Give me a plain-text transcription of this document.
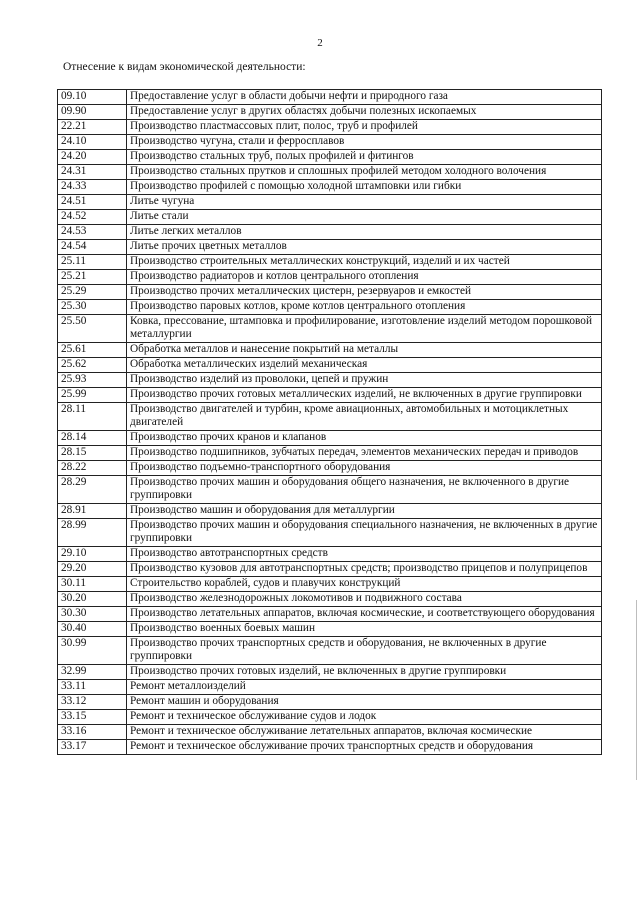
2
Отнесение к видам экономической деятельности:
09.10	Предоставление услуг в области добычи нефти и природного газа
09.90	Предоставление услуг в других областях добычи полезных ископаемых
22.21	Производство пластмассовых плит, полос, труб и профилей
24.10	Производство чугуна, стали и ферросплавов
24.20	Производство стальных труб, полых профилей и фитингов
24.31	Производство стальных прутков и сплошных профилей методом холодного волочения
24.33	Производство профилей с помощью холодной штамповки или гибки
24.51	Литье чугуна
24.52	Литье стали
24.53	Литье легких металлов
24.54	Литье прочих цветных металлов
25.11	Производство строительных металлических конструкций, изделий и их частей
25.21	Производство радиаторов и котлов центрального отопления
25.29	Производство прочих металлических цистерн, резервуаров и емкостей
25.30	Производство паровых котлов, кроме котлов центрального отопления
25.50	Ковка, прессование, штамповка и профилирование, изготовление изделий методом порошковой металлургии
25.61	Обработка металлов и нанесение покрытий на металлы
25.62	Обработка металлических изделий механическая
25.93	Производство изделий из проволоки, цепей и пружин
25.99	Производство прочих готовых металлических изделий, не включенных в другие группировки
28.11	Производство двигателей и турбин, кроме авиационных, автомобильных и мотоциклетных двигателей
28.14	Производство прочих кранов и клапанов
28.15	Производство подшипников, зубчатых передач, элементов механических передач и приводов
28.22	Производство подъемно-транспортного оборудования
28.29	Производство прочих машин и оборудования общего назначения, не включенного в другие группировки
28.91	Производство машин и оборудования для металлургии
28.99	Производство прочих машин и оборудования специального назначения, не включенных в другие группировки
29.10	Производство автотранспортных средств
29.20	Производство кузовов для автотранспортных средств; производство прицепов и полуприцепов
30.11	Строительство кораблей, судов и плавучих конструкций
30.20	Производство железнодорожных локомотивов и подвижного состава
30.30	Производство летательных аппаратов, включая космические, и соответствующего оборудования
30.40	Производство военных боевых машин
30.99	Производство прочих транспортных средств и оборудования, не включенных в другие группировки
32.99	Производство прочих готовых изделий, не включенных в другие группировки
33.11	Ремонт металлоизделий
33.12	Ремонт машин и оборудования
33.15	Ремонт и техническое обслуживание судов и лодок
33.16	Ремонт и техническое обслуживание летательных аппаратов, включая космические
33.17	Ремонт и техническое обслуживание прочих транспортных средств и оборудования
